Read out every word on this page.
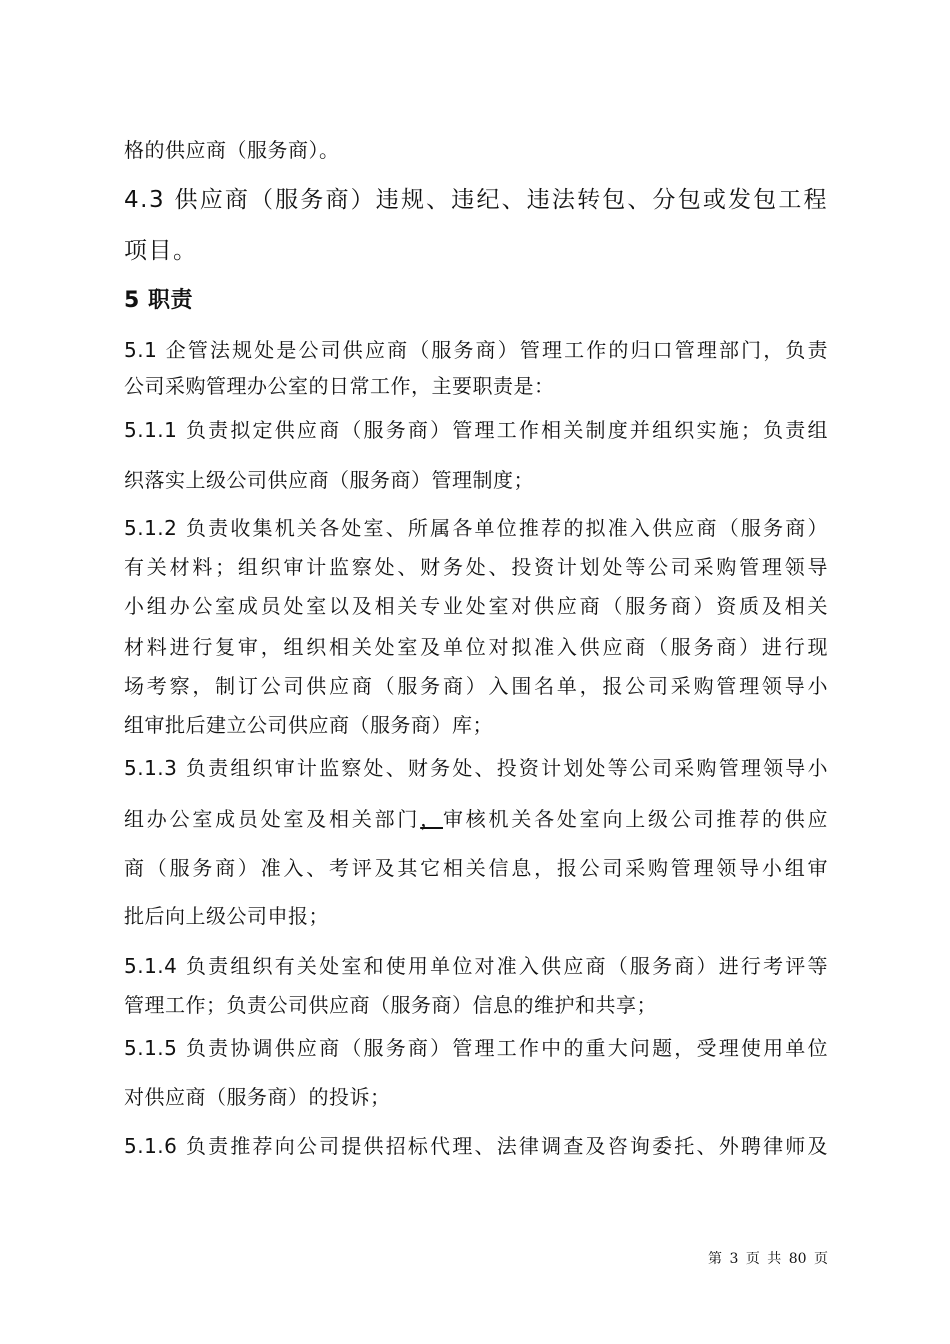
格的供应商（服务商）。
4.3 供应商（服务商）违规、违纪、违法转包、分包或发包工程
项目。
5 职责
5.1 企管法规处是公司供应商（服务商）管理工作的归口管理部门，负责
公司采购管理办公室的日常工作，主要职责是：
5.1.1 负责拟定供应商（服务商）管理工作相关制度并组织实施；负责组
织落实上级公司供应商（服务商）管理制度；
5.1.2 负责收集机关各处室、所属各单位推荐的拟准入供应商（服务商）
有关材料；组织审计监察处、财务处、投资计划处等公司采购管理领导
小组办公室成员处室以及相关专业处室对供应商（服务商）资质及相关
材料进行复审，组织相关处室及单位对拟准入供应商（服务商）进行现
场考察，制订公司供应商（服务商）入围名单，报公司采购管理领导小
组审批后建立公司供应商（服务商）库；
5.1.3 负责组织审计监察处、财务处、投资计划处等公司采购管理领导小
组办公室成员处室及相关部门，审核机关各处室向上级公司推荐的供应
商（服务商）准入、考评及其它相关信息，报公司采购管理领导小组审
批后向上级公司申报；
5.1.4 负责组织有关处室和使用单位对准入供应商（服务商）进行考评等
管理工作；负责公司供应商（服务商）信息的维护和共享；
5.1.5 负责协调供应商（服务商）管理工作中的重大问题，受理使用单位
对供应商（服务商）的投诉；
5.1.6 负责推荐向公司提供招标代理、法律调查及咨询委托、外聘律师及
第 3 页 共 80 页
